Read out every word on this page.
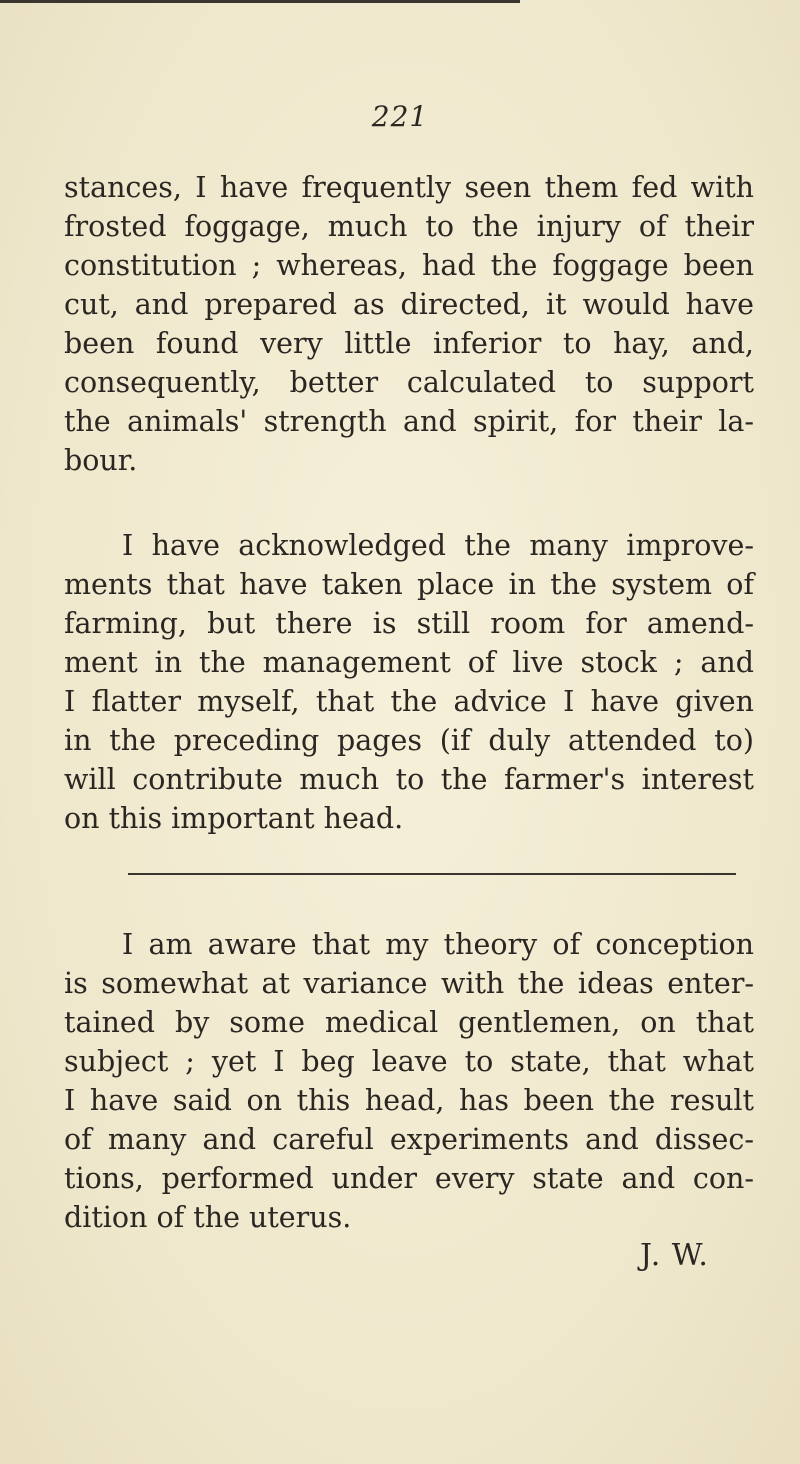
221
stances, I have frequently seen them fed with
frosted foggage, much to the injury of their
constitution ; whereas, had the foggage been
cut, and prepared as directed, it would have
been found very little inferior to hay, and,
consequently, better calculated to support
the animals' strength and spirit, for their la-
bour.
I have acknowledged the many improve-
ments that have taken place in the system of
farming, but there is still room for amend-
ment in the management of live stock ; and
I flatter myself, that the advice I have given
in the preceding pages (if duly attended to)
will contribute much to the farmer's interest
on this important head.
I am aware that my theory of conception
is somewhat at variance with the ideas enter-
tained by some medical gentlemen, on that
subject ; yet I beg leave to state, that what
I have said on this head, has been the result
of many and careful experiments and dissec-
tions, performed under every state and con-
dition of the uterus.
J. W.
